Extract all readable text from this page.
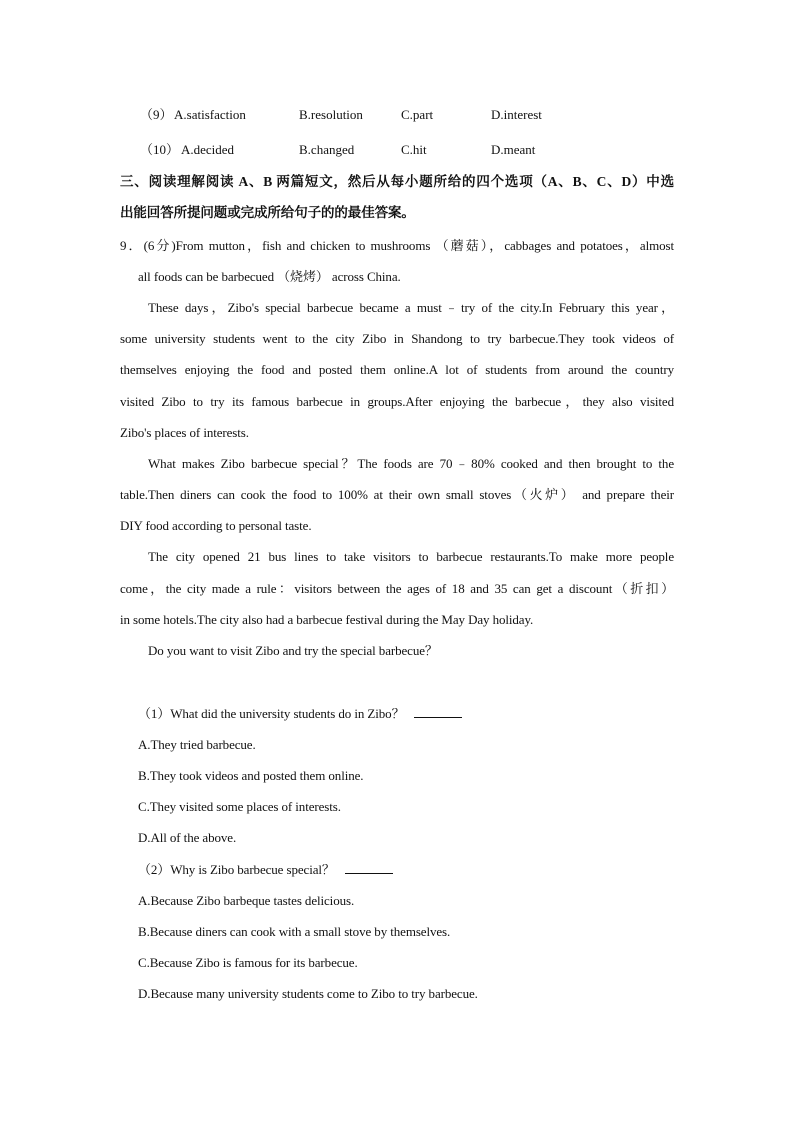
（9） A.satisfaction	B.resolution	C.part	D.interest
（10） A.decided	B.changed	C.hit	D.meant
三、阅读理解阅读 A、B 两篇短文，然后从每小题所给的四个选项（A、B、C、D）中选
出能回答所提问题或完成所给句子的的最佳答案。
9．(6分)From mutton，fish and chicken to mushrooms （蘑菇），cabbages and potatoes，almost
all foods can be barbecued （烧烤） across China.
These days，Zibo's special barbecue became a must﹣try of the city.In February this year，
some university students went to the city Zibo in Shandong to try barbecue.They took videos of
themselves enjoying the food and posted them online.A lot of students from around the country
visited Zibo to try its famous barbecue in groups.After enjoying the barbecue，they also visited
Zibo's places of interests.
What makes Zibo barbecue special？The foods are 70﹣80% cooked and then brought to the
table.Then diners can cook the food to 100% at their own small stoves（火炉） and prepare their
DIY food according to personal taste.
The city opened 21 bus lines to take visitors to barbecue restaurants.To make more people
come，the city made a rule：visitors between the ages of 18 and 35 can get a discount（折扣）
in some hotels.The city also had a barbecue festival during the May Day holiday.
Do you want to visit Zibo and try the special barbecue？
（1）What did the university students do in Zibo？
A.They tried barbecue.
B.They took videos and posted them online.
C.They visited some places of interests.
D.All of the above.
（2）Why is Zibo barbecue special？
A.Because Zibo barbeque tastes delicious.
B.Because diners can cook with a small stove by themselves.
C.Because Zibo is famous for its barbecue.
D.Because many university students come to Zibo to try barbecue.
